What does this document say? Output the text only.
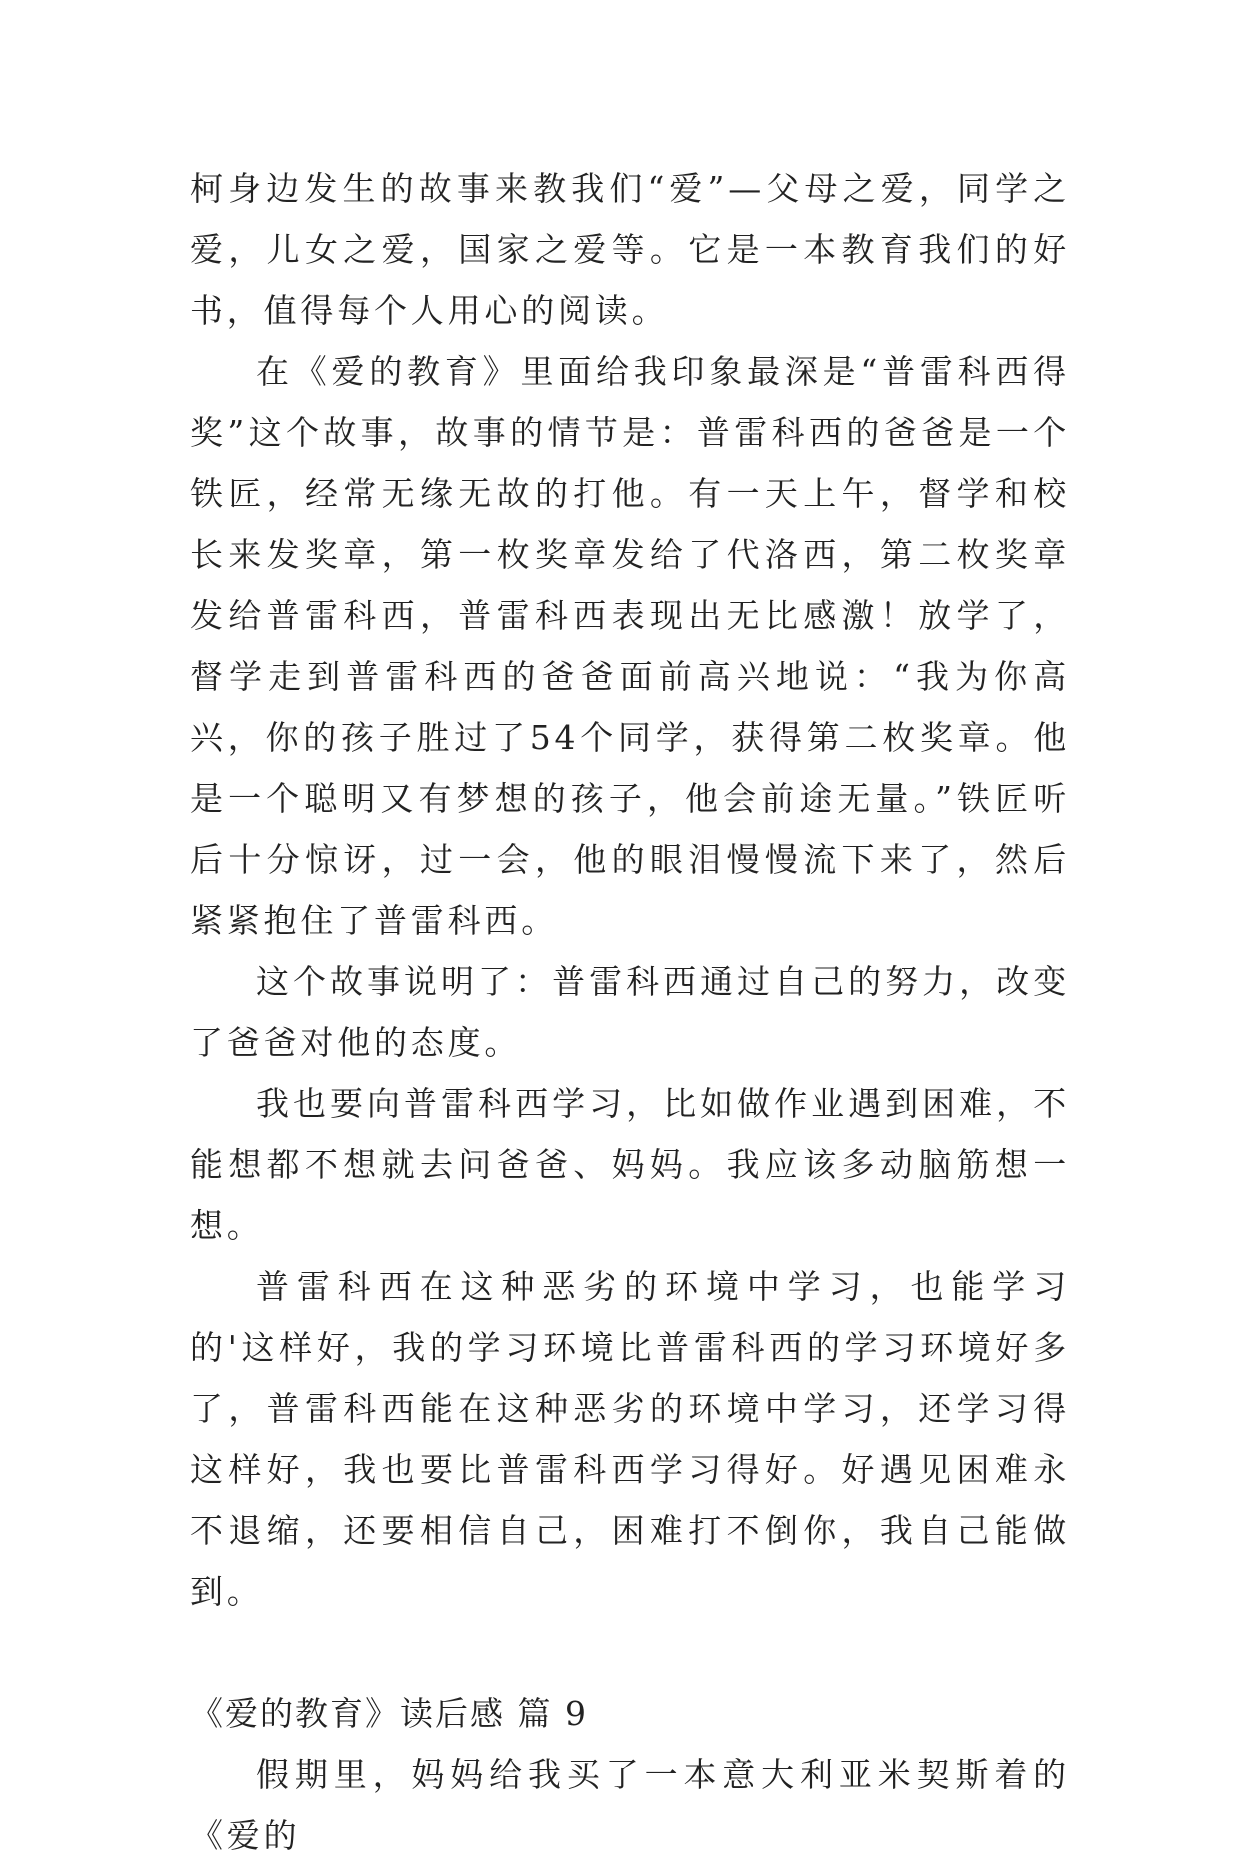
柯身边发生的故事来教我们“爱”—父母之爱，同学之爱，儿女之爱，国家之爱等。它是一本教育我们的好书，值得每个人用心的阅读。

在《爱的教育》里面给我印象最深是“普雷科西得奖”这个故事，故事的情节是：普雷科西的爸爸是一个铁匠，经常无缘无故的打他。有一天上午，督学和校长来发奖章，第一枚奖章发给了代洛西，第二枚奖章发给普雷科西，普雷科西表现出无比感激！放学了，督学走到普雷科西的爸爸面前高兴地说：“我为你高兴，你的孩子胜过了54个同学，获得第二枚奖章。他是一个聪明又有梦想的孩子，他会前途无量。”铁匠听后十分惊讶，过一会，他的眼泪慢慢流下来了，然后紧紧抱住了普雷科西。

这个故事说明了：普雷科西通过自己的努力，改变了爸爸对他的态度。

我也要向普雷科西学习，比如做作业遇到困难，不能想都不想就去问爸爸、妈妈。我应该多动脑筋想一想。

普雷科西在这种恶劣的环境中学习，也能学习的'这样好，我的学习环境比普雷科西的学习环境好多了，普雷科西能在这种恶劣的环境中学习，还学习得这样好，我也要比普雷科西学习得好。好遇见困难永不退缩，还要相信自己，困难打不倒你，我自己能做到。

《爱的教育》读后感 篇 9

假期里，妈妈给我买了一本意大利亚米契斯着的《爱的
